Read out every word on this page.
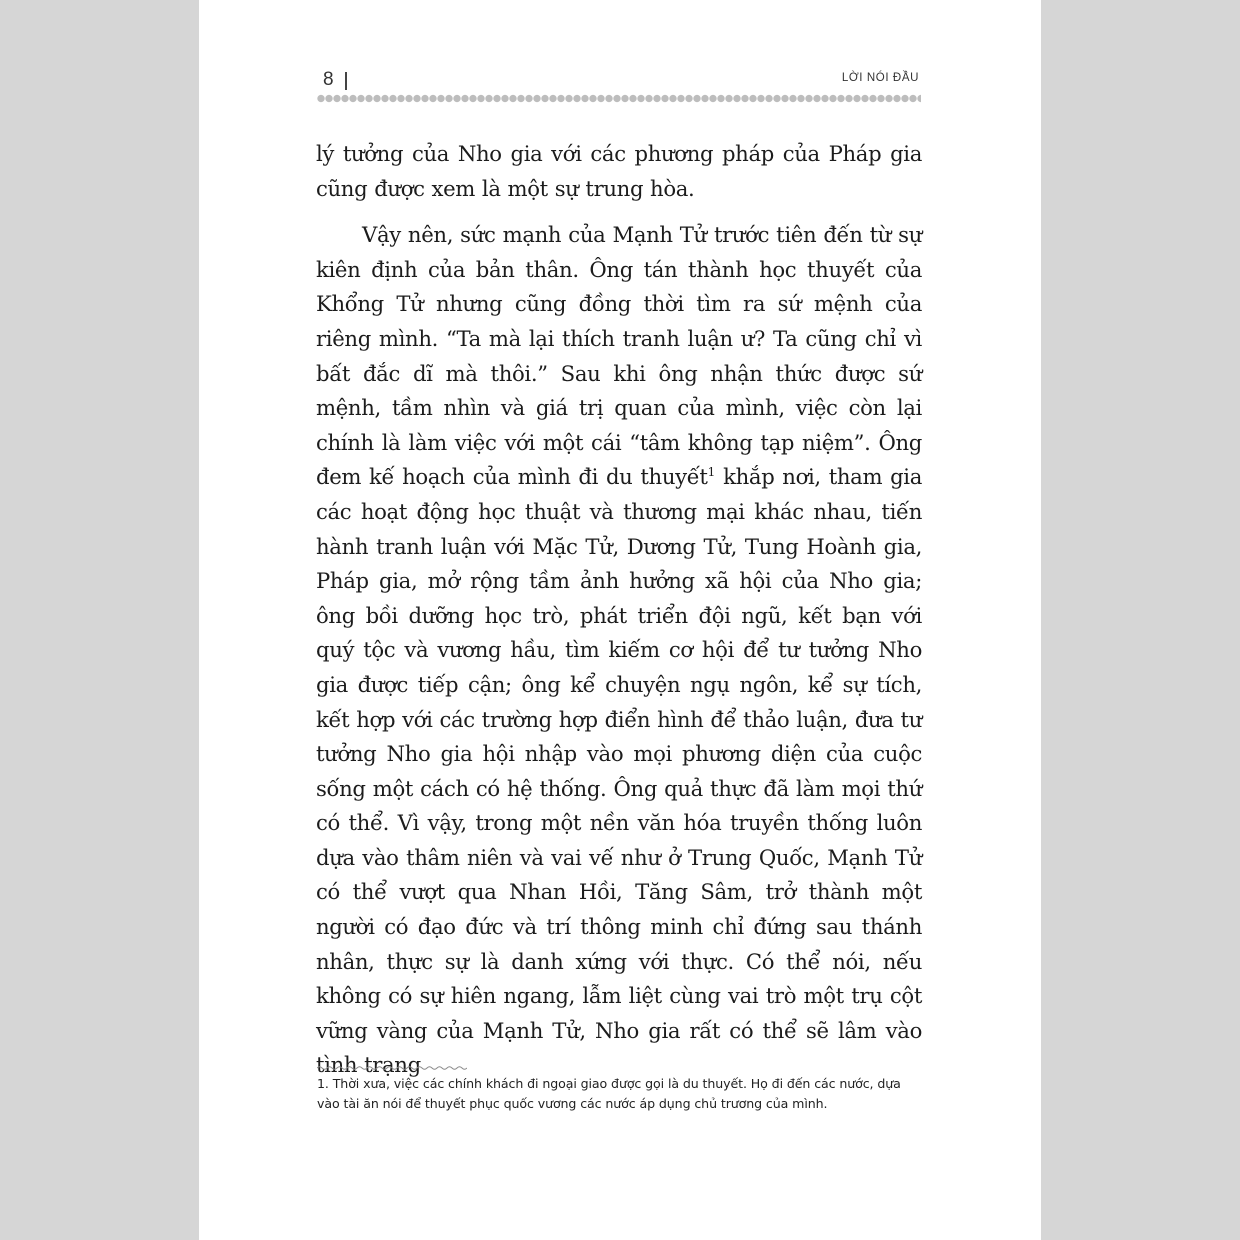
8	LỜI NÓI ĐẦU

lý tưởng của Nho gia với các phương pháp của Pháp gia cũng được xem là một sự trung hòa.

Vậy nên, sức mạnh của Mạnh Tử trước tiên đến từ sự kiên định của bản thân. Ông tán thành học thuyết của Khổng Tử nhưng cũng đồng thời tìm ra sứ mệnh của riêng mình. “Ta mà lại thích tranh luận ư? Ta cũng chỉ vì bất đắc dĩ mà thôi.” Sau khi ông nhận thức được sứ mệnh, tầm nhìn và giá trị quan của mình, việc còn lại chính là làm việc với một cái “tâm không tạp niệm”. Ông đem kế hoạch của mình đi du thuyết$^1$ khắp nơi, tham gia các hoạt động học thuật và thương mại khác nhau, tiến hành tranh luận với Mặc Tử, Dương Tử, Tung Hoành gia, Pháp gia, mở rộng tầm ảnh hưởng xã hội của Nho gia; ông bồi dưỡng học trò, phát triển đội ngũ, kết bạn với quý tộc và vương hầu, tìm kiếm cơ hội để tư tưởng Nho gia được tiếp cận; ông kể chuyện ngụ ngôn, kể sự tích, kết hợp với các trường hợp điển hình để thảo luận, đưa tư tưởng Nho gia hội nhập vào mọi phương diện của cuộc sống một cách có hệ thống. Ông quả thực đã làm mọi thứ có thể. Vì vậy, trong một nền văn hóa truyền thống luôn dựa vào thâm niên và vai vế như ở Trung Quốc, Mạnh Tử có thể vượt qua Nhan Hồi, Tăng Sâm, trở thành một người có đạo đức và trí thông minh chỉ đứng sau thánh nhân, thực sự là danh xứng với thực. Có thể nói, nếu không có sự hiên ngang, lẫm liệt cùng vai trò một trụ cột vững vàng của Mạnh Tử, Nho gia rất có thể sẽ lâm vào tình trạng

1. Thời xưa, việc các chính khách đi ngoại giao được gọi là du thuyết. Họ đi đến các nước, dựa vào tài ăn nói để thuyết phục quốc vương các nước áp dụng chủ trương của mình.
